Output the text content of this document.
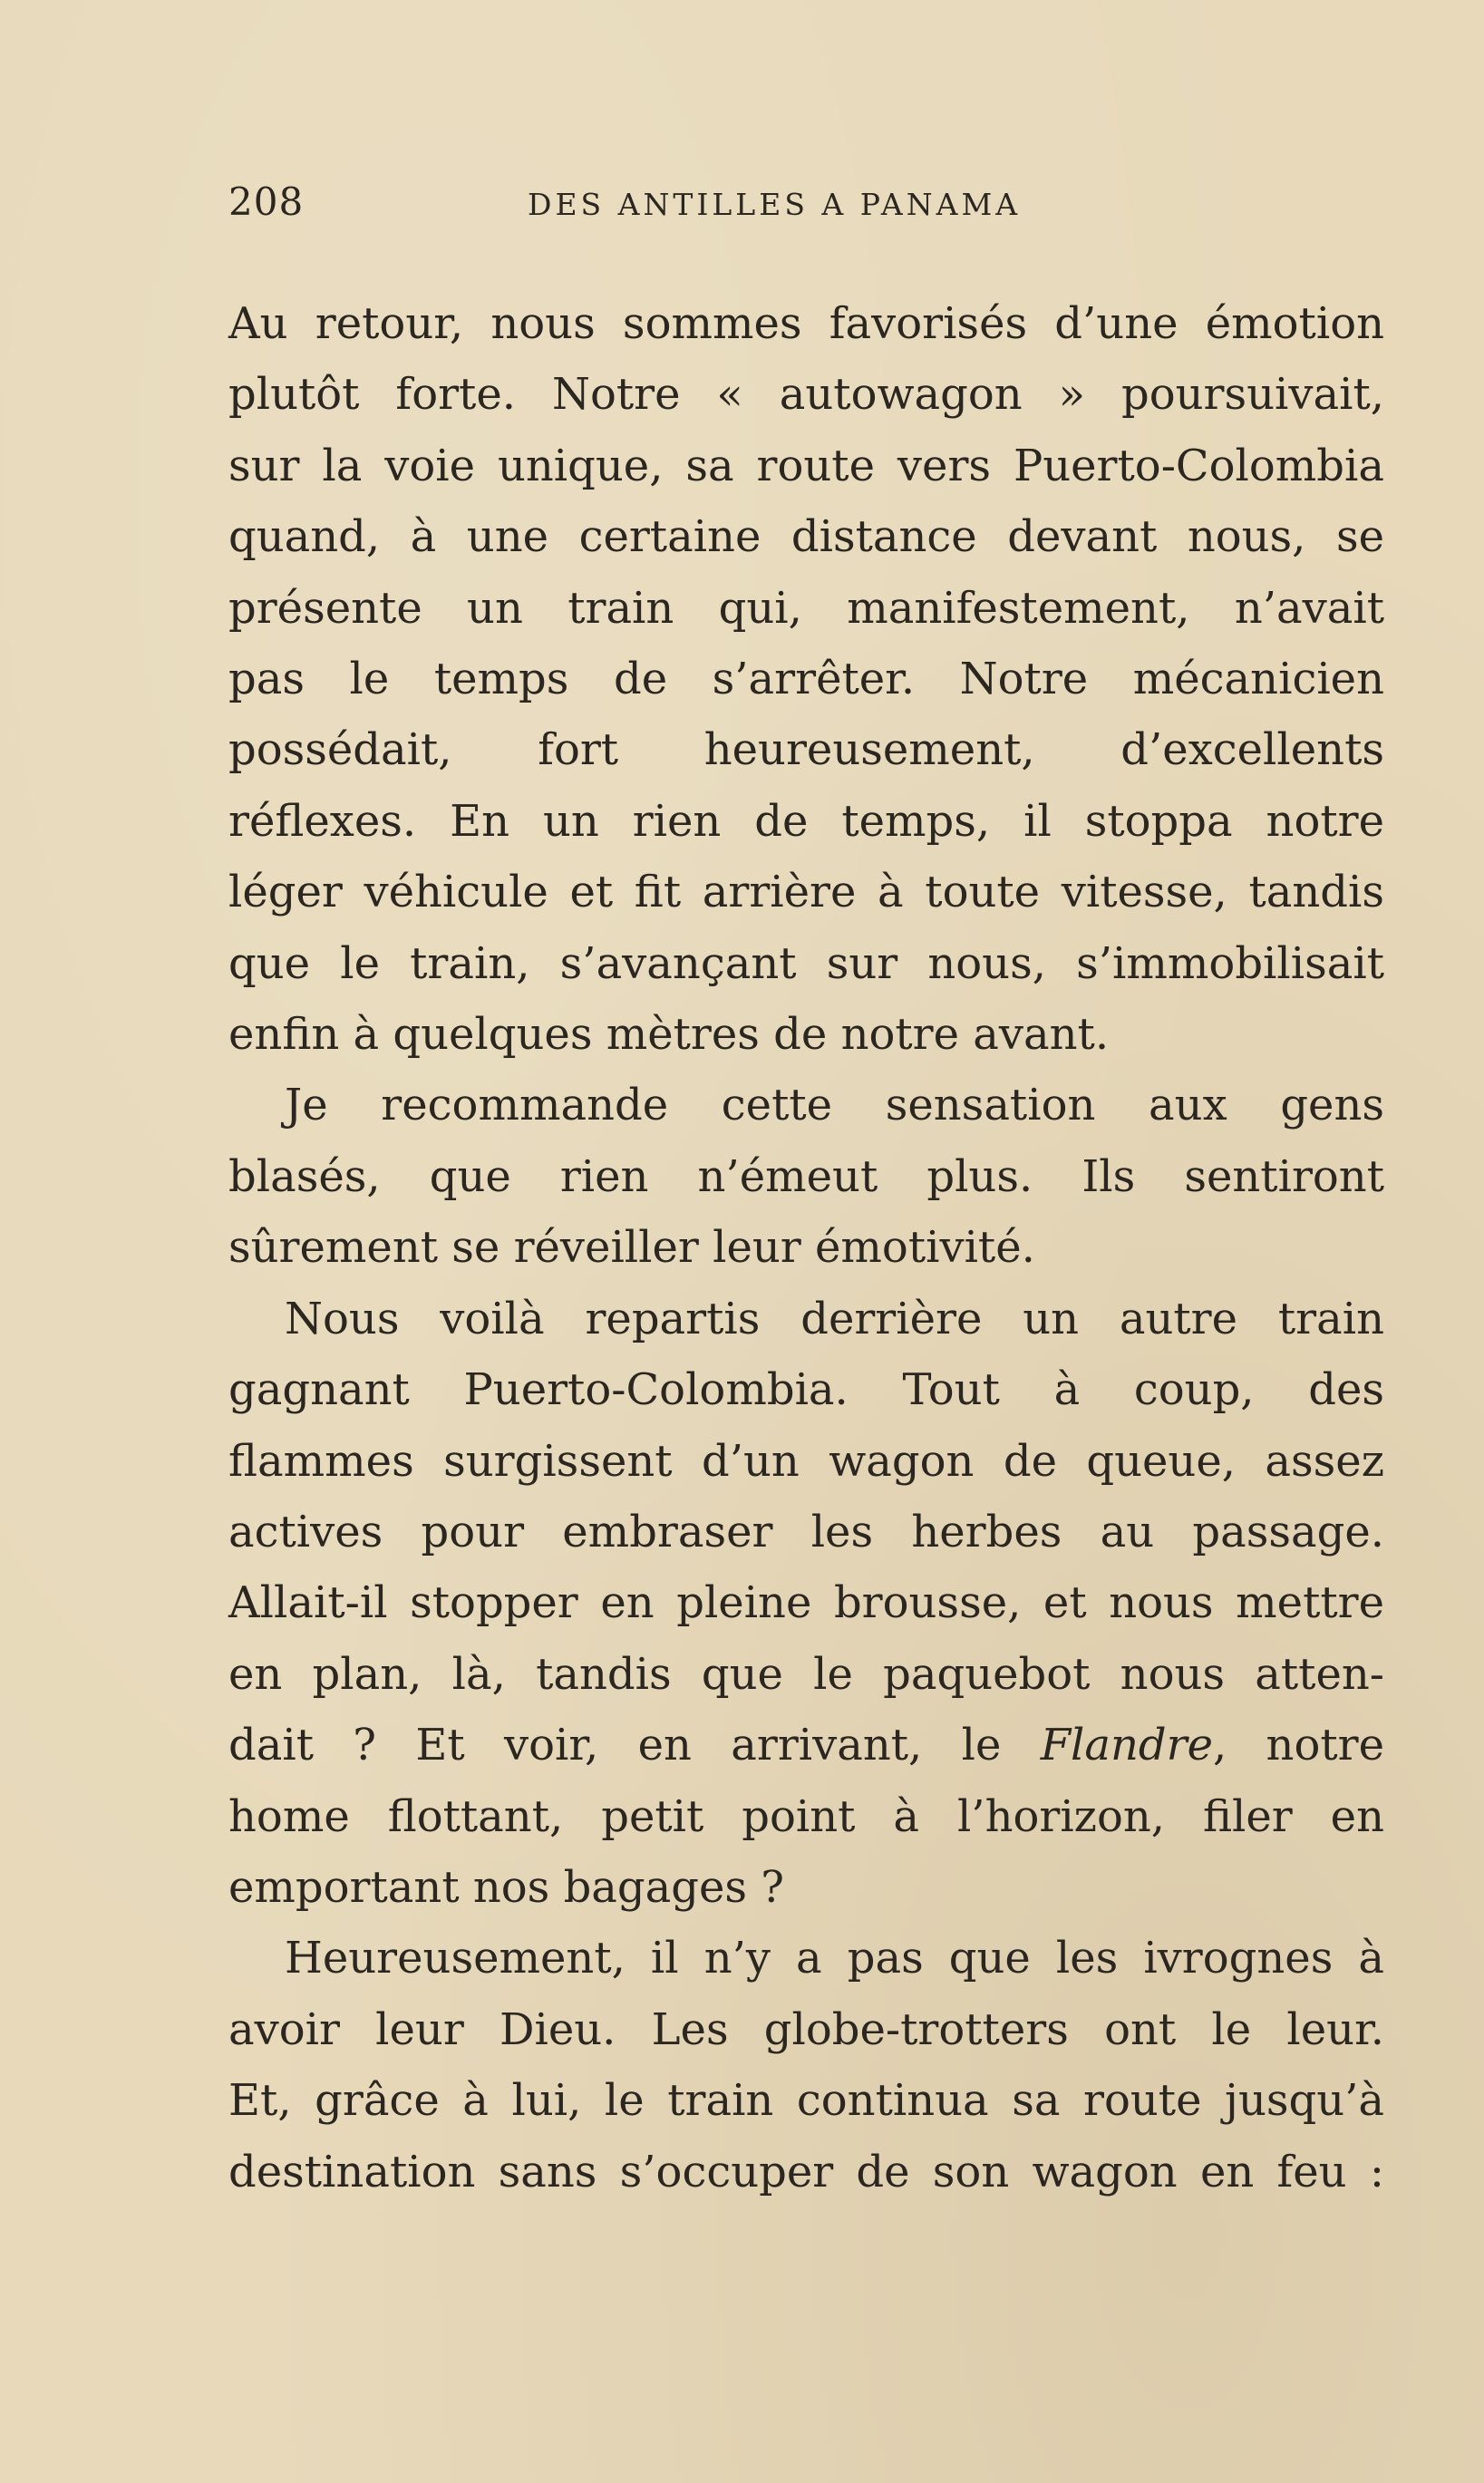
208	DES ANTILLES A PANAMA
Au retour, nous sommes favorisés d’une émotion
plutôt forte. Notre « autowagon » poursuivait,
sur la voie unique, sa route vers Puerto-Colombia
quand, à une certaine distance devant nous, se
présente un train qui, manifestement, n’avait
pas le temps de s’arrêter. Notre mécanicien
possédait, fort heureusement, d’excellents
réflexes. En un rien de temps, il stoppa notre
léger véhicule et fit arrière à toute vitesse, tandis
que le train, s’avançant sur nous, s’immobilisait
enfin à quelques mètres de notre avant.
Je recommande cette sensation aux gens
blasés, que rien n’émeut plus. Ils sentiront
sûrement se réveiller leur émotivité.
Nous voilà repartis derrière un autre train
gagnant Puerto-Colombia. Tout à coup, des
flammes surgissent d’un wagon de queue, assez
actives pour embraser les herbes au passage.
Allait-il stopper en pleine brousse, et nous mettre
en plan, là, tandis que le paquebot nous atten-
dait ? Et voir, en arrivant, le Flandre, notre
home flottant, petit point à l’horizon, filer en
emportant nos bagages ?
Heureusement, il n’y a pas que les ivrognes à
avoir leur Dieu. Les globe-trotters ont le leur.
Et, grâce à lui, le train continua sa route jusqu’à
destination sans s’occuper de son wagon en feu :
